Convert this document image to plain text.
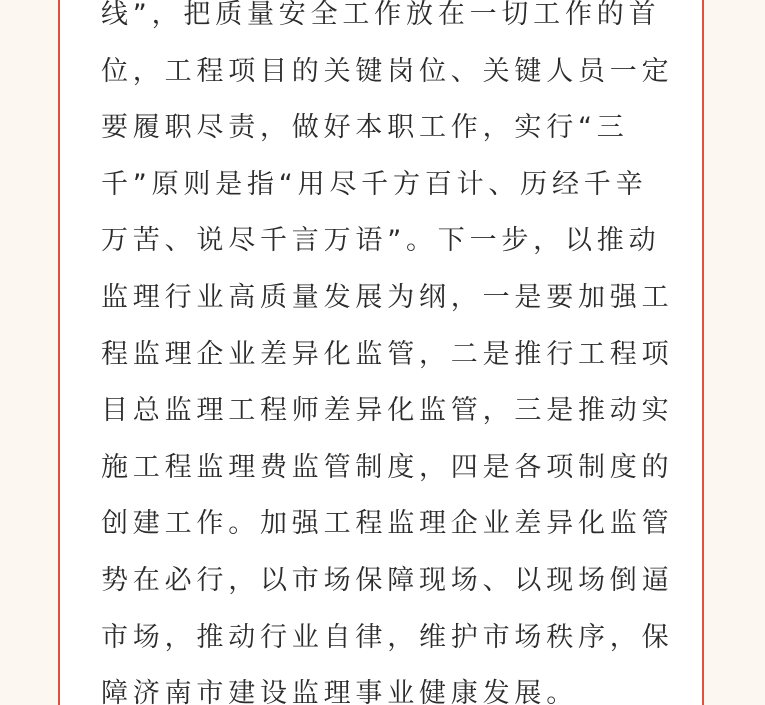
线”，把质量安全工作放在一切工作的首
位，工程项目的关键岗位、关键人员一定
要履职尽责，做好本职工作，实行“三
千”原则是指“用尽千方百计、历经千辛
万苦、说尽千言万语”。下一步，以推动
监理行业高质量发展为纲，一是要加强工
程监理企业差异化监管，二是推行工程项
目总监理工程师差异化监管，三是推动实
施工程监理费监管制度，四是各项制度的
创建工作。加强工程监理企业差异化监管
势在必行，以市场保障现场、以现场倒逼
市场，推动行业自律，维护市场秩序，保
障济南市建设监理事业健康发展。
